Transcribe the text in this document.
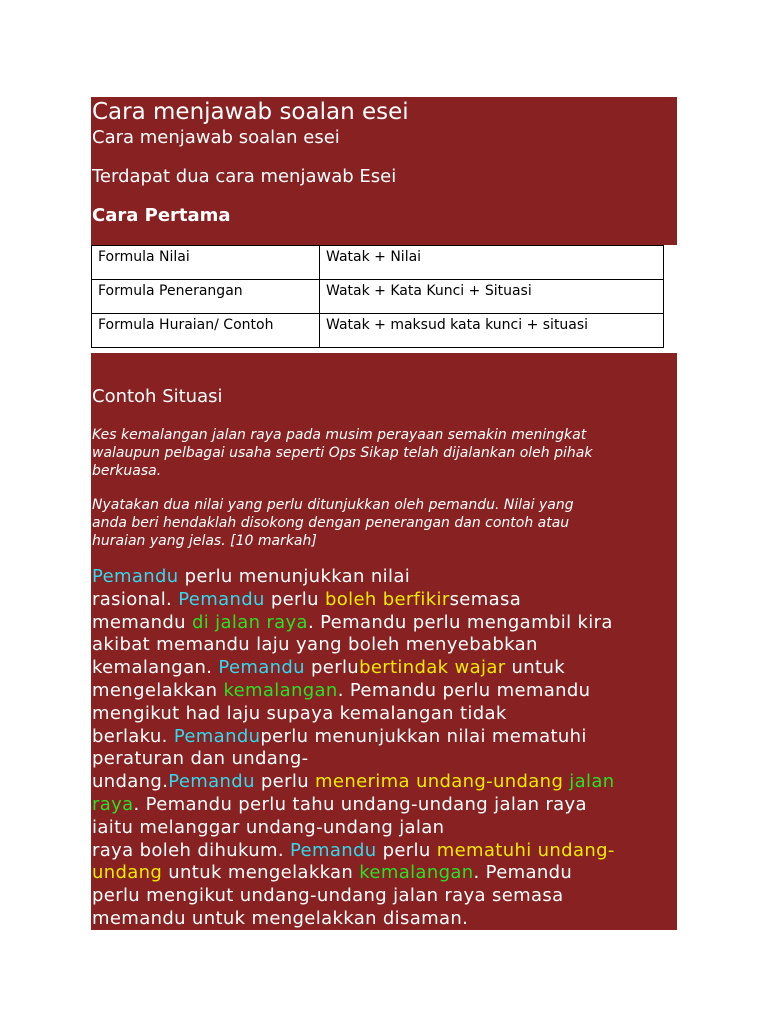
Cara menjawab soalan esei
Cara menjawab soalan esei
Terdapat dua cara menjawab Esei
Cara Pertama
Formula Nilai	Watak + Nilai
Formula Penerangan	Watak + Kata Kunci + Situasi
Formula Huraian/ Contoh	Watak + maksud kata kunci + situasi
Contoh Situasi
Kes kemalangan jalan raya pada musim perayaan semakin meningkat
walaupun pelbagai usaha seperti Ops Sikap telah dijalankan oleh pihak
berkuasa.
Nyatakan dua nilai yang perlu ditunjukkan oleh pemandu. Nilai yang
anda beri hendaklah disokong dengan penerangan dan contoh atau
huraian yang jelas. [10 markah]
Pemandu perlu menunjukkan nilai
rasional. Pemandu perlu boleh berfikirsemasa
memandu di jalan raya. Pemandu perlu mengambil kira
akibat memandu laju yang boleh menyebabkan
kemalangan. Pemandu perlubertindak wajar untuk
mengelakkan kemalangan. Pemandu perlu memandu
mengikut had laju supaya kemalangan tidak
berlaku. Pemanduperlu menunjukkan nilai mematuhi
peraturan dan undang-
undang.Pemandu perlu menerima undang-undang jalan
raya. Pemandu perlu tahu undang-undang jalan raya
iaitu melanggar undang-undang jalan
raya boleh dihukum. Pemandu perlu mematuhi undang-
undang untuk mengelakkan kemalangan. Pemandu
perlu mengikut undang-undang jalan raya semasa
memandu untuk mengelakkan disaman.
